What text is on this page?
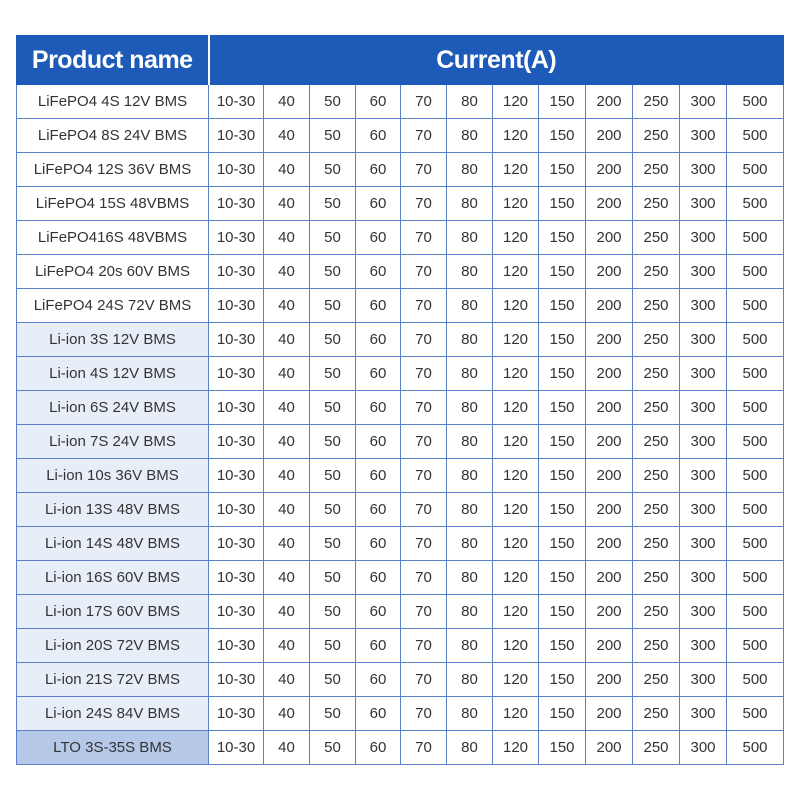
Product name	Current(A)											
LiFePO4 4S 12V BMS	10-30	40	50	60	70	80	120	150	200	250	300	500
LiFePO4 8S 24V BMS	10-30	40	50	60	70	80	120	150	200	250	300	500
LiFePO4 12S 36V BMS	10-30	40	50	60	70	80	120	150	200	250	300	500
LiFePO4 15S 48VBMS	10-30	40	50	60	70	80	120	150	200	250	300	500
LiFePO416S 48VBMS	10-30	40	50	60	70	80	120	150	200	250	300	500
LiFePO4 20s 60V BMS	10-30	40	50	60	70	80	120	150	200	250	300	500
LiFePO4 24S 72V BMS	10-30	40	50	60	70	80	120	150	200	250	300	500
Li-ion 3S 12V BMS	10-30	40	50	60	70	80	120	150	200	250	300	500
Li-ion 4S 12V BMS	10-30	40	50	60	70	80	120	150	200	250	300	500
Li-ion 6S 24V BMS	10-30	40	50	60	70	80	120	150	200	250	300	500
Li-ion 7S 24V BMS	10-30	40	50	60	70	80	120	150	200	250	300	500
Li-ion 10s 36V BMS	10-30	40	50	60	70	80	120	150	200	250	300	500
Li-ion 13S 48V BMS	10-30	40	50	60	70	80	120	150	200	250	300	500
Li-ion 14S 48V BMS	10-30	40	50	60	70	80	120	150	200	250	300	500
Li-ion 16S 60V BMS	10-30	40	50	60	70	80	120	150	200	250	300	500
Li-ion 17S 60V BMS	10-30	40	50	60	70	80	120	150	200	250	300	500
Li-ion 20S 72V BMS	10-30	40	50	60	70	80	120	150	200	250	300	500
Li-ion 21S 72V BMS	10-30	40	50	60	70	80	120	150	200	250	300	500
Li-ion 24S 84V BMS	10-30	40	50	60	70	80	120	150	200	250	300	500
LTO 3S-35S BMS	10-30	40	50	60	70	80	120	150	200	250	300	500
